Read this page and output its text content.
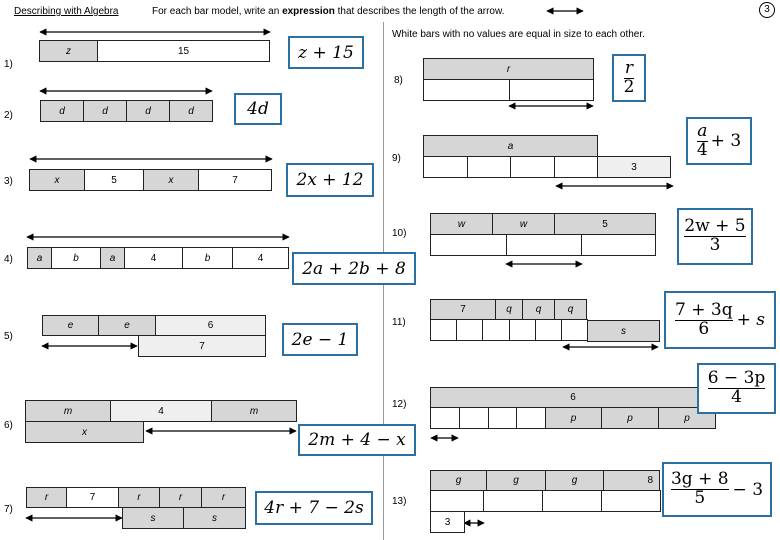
Describing with Algebra	For each bar model, write an expression that describes the length of the arrow.	3
White bars with no values are equal in size to each other.
1)
z	15	z + 15
2)	d	d	d	d	4d
3)	x	5	x	7	2x + 12
4)	a	b	a	4	b	4
2a + 2b + 8
5)
e	e	6
7	2e − 1
6)
m	4	m
x	2m + 4 − x
7)
r	7	r	r	r
s	s	4r + 7 − 2s
8)
r	$\frac{r}{2}$
9)
a
3
$\frac{a}{4} + 3$
10)
w	w	5	$\frac{2w + 5}{3}$
11)
7	q	q	q
s	$\frac{7 + 3q}{6} + s$
12)
6
p	p	p
$\frac{6 - 3p}{4}$
13)
g	g	g	8
3
$\frac{3g + 8}{5} - 3$
